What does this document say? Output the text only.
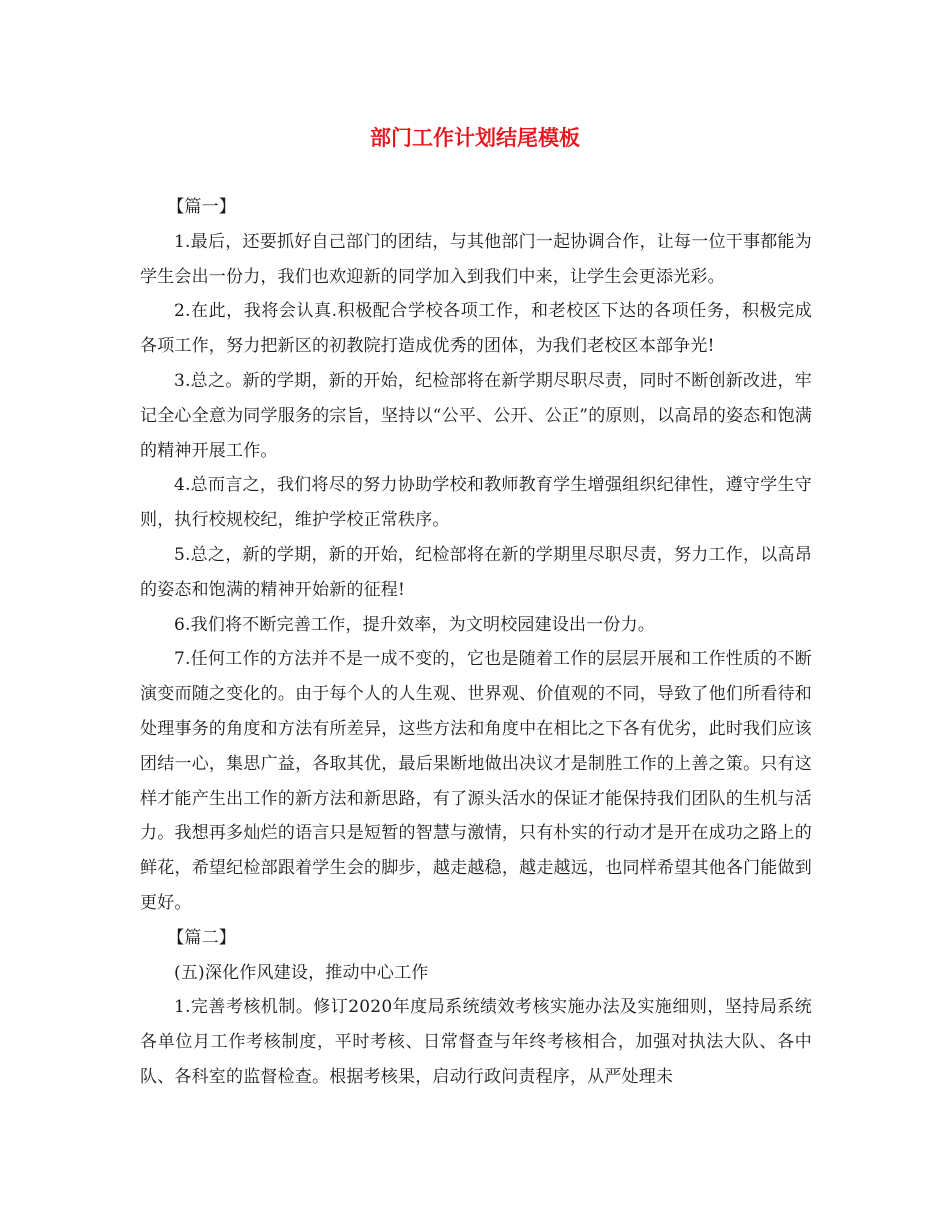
部门工作计划结尾模板

【篇一】

1.最后，还要抓好自己部门的团结，与其他部门一起协调合作，让每一位干事都能为学生会出一份力，我们也欢迎新的同学加入到我们中来，让学生会更添光彩。

2.在此，我将会认真.积极配合学校各项工作，和老校区下达的各项任务，积极完成各项工作，努力把新区的初教院打造成优秀的团体，为我们老校区本部争光!

3.总之。新的学期，新的开始，纪检部将在新学期尽职尽责，同时不断创新改进，牢记全心全意为同学服务的宗旨，坚持以“公平、公开、公正”的原则，以高昂的姿态和饱满的精神开展工作。

4.总而言之，我们将尽的努力协助学校和教师教育学生增强组织纪律性，遵守学生守则，执行校规校纪，维护学校正常秩序。

5.总之，新的学期，新的开始，纪检部将在新的学期里尽职尽责，努力工作，以高昂的姿态和饱满的精神开始新的征程!

6.我们将不断完善工作，提升效率，为文明校园建设出一份力。

7.任何工作的方法并不是一成不变的，它也是随着工作的层层开展和工作性质的不断演变而随之变化的。由于每个人的人生观、世界观、价值观的不同，导致了他们所看待和处理事务的角度和方法有所差异，这些方法和角度中在相比之下各有优劣，此时我们应该团结一心，集思广益，各取其优，最后果断地做出决议才是制胜工作的上善之策。只有这样才能产生出工作的新方法和新思路，有了源头活水的保证才能保持我们团队的生机与活力。我想再多灿烂的语言只是短暂的智慧与激情，只有朴实的行动才是开在成功之路上的鲜花，希望纪检部跟着学生会的脚步，越走越稳，越走越远，也同样希望其他各门能做到更好。

【篇二】

(五)深化作风建设，推动中心工作

1.完善考核机制。修订2020年度局系统绩效考核实施办法及实施细则，坚持局系统各单位月工作考核制度，平时考核、日常督查与年终考核相合，加强对执法大队、各中队、各科室的监督检查。根据考核果，启动行政问责程序，从严处理未
